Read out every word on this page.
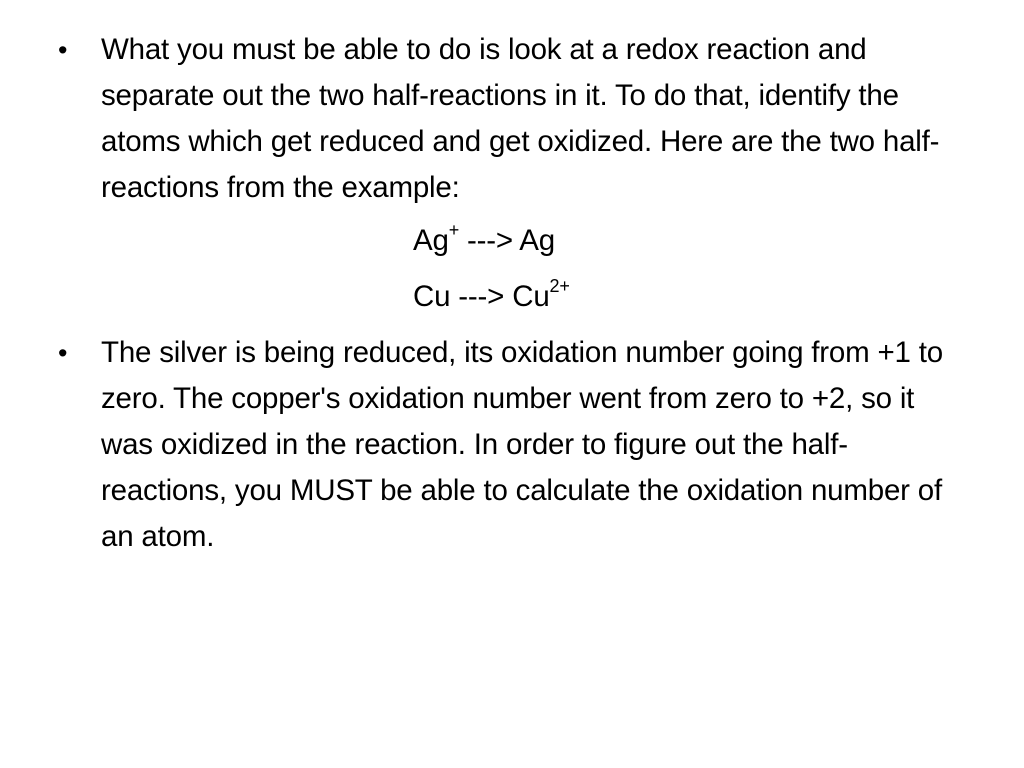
•	What you must be able to do is look at a redox reaction and separate out the two half-reactions in it. To do that, identify the atoms which get reduced and get oxidized. Here are the two half-reactions from the example:
Ag+ ---> Ag
Cu ---> $Cu^{2+}$
•	The silver is being reduced, its oxidation number going from +1 to zero. The copper's oxidation number went from zero to +2, so it was oxidized in the reaction. In order to figure out the half-reactions, you MUST be able to calculate the oxidation number of an atom.
